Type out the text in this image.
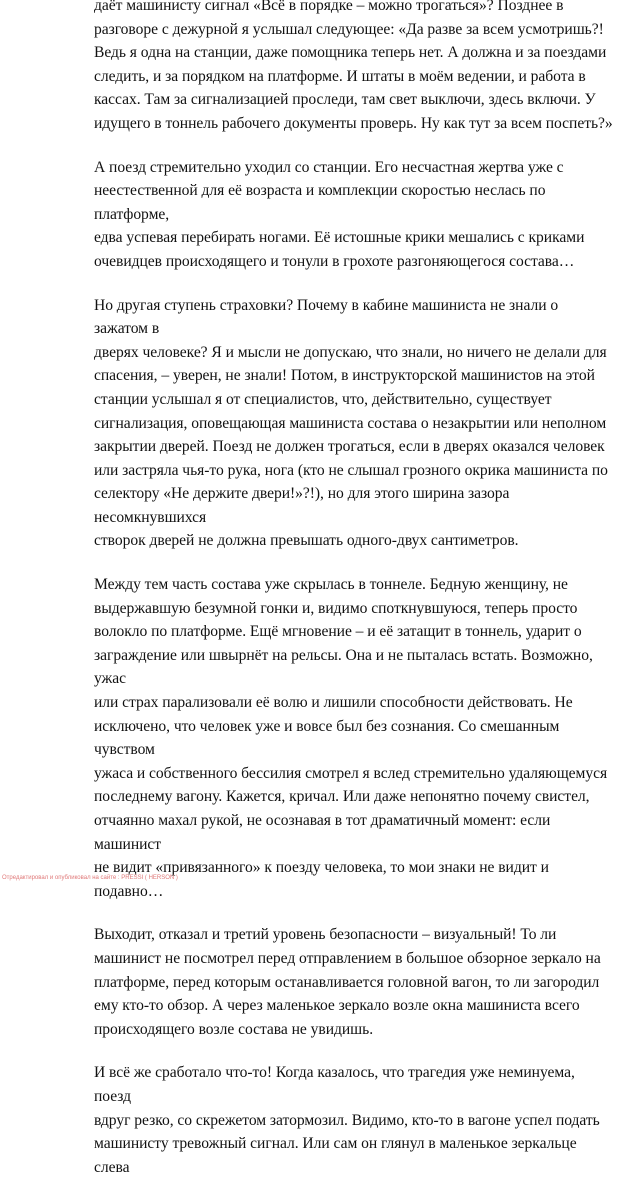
даёт машинисту сигнал «Всё в порядке – можно трогаться»? Позднее в
разговоре с дежурной я услышал следующее: «Да разве за всем усмотришь?!
Ведь я одна на станции, даже помощника теперь нет. А должна и за поездами
следить, и за порядком на платформе. И штаты в моём ведении, и работа в
кассах. Там за сигнализацией проследи, там свет выключи, здесь включи. У
идущего в тоннель рабочего документы проверь. Ну как тут за всем поспеть?»

А поезд стремительно уходил со станции. Его несчастная жертва уже с
неестественной для её возраста и комплекции скоростью неслась по платформе,
едва успевая перебирать ногами. Её истошные крики мешались с криками
очевидцев происходящего и тонули в грохоте разгоняющегося состава…

Но другая ступень страховки? Почему в кабине машиниста не знали о зажатом в
дверях человеке? Я и мысли не допускаю, что знали, но ничего не делали для
спасения, – уверен, не знали! Потом, в инструкторской машинистов на этой
станции услышал я от специалистов, что, действительно, существует
сигнализация, оповещающая машиниста состава о незакрытии или неполном
закрытии дверей. Поезд не должен трогаться, если в дверях оказался человек
или застряла чья-то рука, нога (кто не слышал грозного окрика машиниста по
селектору «Не держите двери!»?!), но для этого ширина зазора несомкнувшихся
створок дверей не должна превышать одного-двух сантиметров.

Между тем часть состава уже скрылась в тоннеле. Бедную женщину, не
выдержавшую безумной гонки и, видимо споткнувшуюся, теперь просто
волокло по платформе. Ещё мгновение – и её затащит в тоннель, ударит о
заграждение или швырнёт на рельсы. Она и не пыталась встать. Возможно, ужас
или страх парализовали её волю и лишили способности действовать. Не
исключено, что человек уже и вовсе был без сознания. Со смешанным чувством
ужаса и собственного бессилия смотрел я вслед стремительно удаляющемуся
последнему вагону. Кажется, кричал. Или даже непонятно почему свистел,
отчаянно махал рукой, не осознавая в тот драматичный момент: если машинист
не видит «привязанного» к поезду человека, то мои знаки не видит и подавно…

Выходит, отказал и третий уровень безопасности – визуальный! То ли
машинист не посмотрел перед отправлением в большое обзорное зеркало на
платформе, перед которым останавливается головной вагон, то ли загородил
ему кто-то обзор. А через маленькое зеркало возле окна машиниста всего
происходящего возле состава не увидишь.

И всё же сработало что-то! Когда казалось, что трагедия уже неминуема, поезд
вдруг резко, со скрежетом затормозил. Видимо, кто-то в вагоне успел подать
машинисту тревожный сигнал. Или сам он глянул в маленькое зеркальце слева

Отредактировал и опубликовал на сайте : PRESSI ( HERSON )
